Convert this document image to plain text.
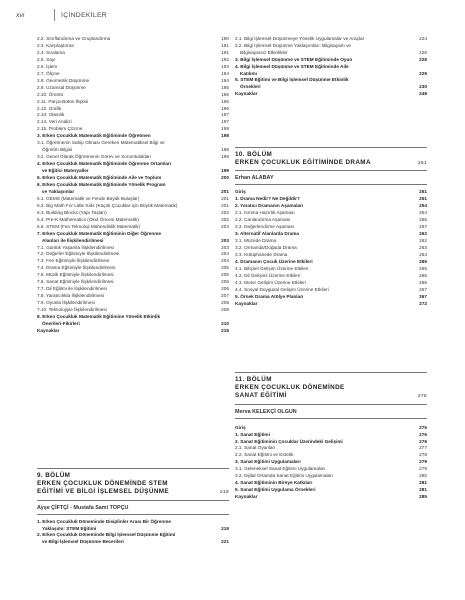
xvi	İÇİNDEKİLER
2.2. Sınıflandırma ve Gruplandırma	190
2.3. Karşılaştırma	191
2.4. Sıralama	191
2.5. Sayı	192
2.6. İşlem	193
2.7. Ölçme	194
2.8. Geometrik Düşünme	194
2.9. Uzamsal Düşünme	195
2.10. Örüntü	196
2.11. Parça-Bütün İlişkisi	196
2.12. Grafik	196
2.13. Olasılık	197
2.14. Veri Analizi	197
2.15. Problem Çözme	198
3. Erken Çocukluk Matematik Eğitiminde Öğretmen	198
3.1. Öğretmenin Sahip Olması Gereken Matematiksel Bilgi ve
Öğretim Bilgisi	198
3.2. Genel Olarak Öğretmenin Görev ve Sorumlulukları	199
4. Erken Çocukluk Matematik Eğitiminde Öğrenme Ortamları
ve Eğitici Materyaller	199
5. Erken Çocukluk Matematik Eğitiminde Aile ve Toplum	200
6. Erken Çocukluk Matematik Eğitiminde Yönelik Program
ve Yaklaşımlar	201
6.1. GEMS (Matematik ve Fende Büyük Buluşlar)	201
6.2. Big Math For Little Kids (Küçük Çocuklar için Büyük Matematik)	201
6.3. Building Blocks (Yapı Taşları)	202
6.4. Pre-K Mathematics (Okul Öncesi Matematik)	202
6.5. STEM (Fen Teknoloji Mühendislik Matematik)	203
7. Erken Çocukluk Matematik Eğitiminin Diğer Öğrenme
Alanları ile İlişkilendirilmesi	203
7.1. Günlük Yaşamla İlişkilendirilmesi	203
7.2. Değerler Eğitimiyle İlişkilendirilmesi	204
7.3. Fen Eğitimiyle İlişkilendirilmesi	204
7.4. Drama Eğitimiyle İlişkilendirilmesi	205
7.5. Müzik Eğitimiyle İlişkilendirilmesi	205
7.6. Sanat Eğitimiyle İlişkilendirilmesi	206
7.7. Dil Eğitimi ile İlişkilendirilmesi	206
7.8. Yaratıcılıkla İlişkilendirilmesi	207
7.9. Oyunla İlişkilendirilmesi	208
7.10. Teknolojiyle İlişkilendirilmesi	208
8. Erken Çocukluk Matematik Eğitimine Yönelik Etkinlik
Önerileri-Fikirleri	210
Kaynaklar	216
9. BÖLÜM
ERKEN ÇOCUKLUK DÖNEMİNDE STEM
EĞİTİMİ VE BİLGİ İŞLEMSEL DÜŞÜNME	219
Ayşe ÇİFTÇİ - Mustafa Sami TOPÇU
1. Erken Çocukluk Döneminde Disiplinler Arası Bir Öğrenme
Yaklaşımı: STEM Eğitimi	219
2. Erken Çocukluk Döneminde Bilgi İşlemsel Düşünme Eğitimi
ve Bilgi İşlemsel Düşünme Becerileri	221
2.1. Bilgi İşlemsel Düşünmeye Yönelik Uygulamalar ve Araçlar	224
2.2. Bilgi İşlemsel Düşünme Yaklaşımları: Bilgisayarlı ve
Bilgisayarsız Etkinlikler	226
3. Bilgi İşlemsel Düşünme ve STEM Eğitiminde Oyun	228
4. Bilgi İşlemsel Düşünme ve STEM Eğitiminde Aile
Katılımı	229
5. STEM Eğitimi ve Bilgi İşlemsel Düşünme Etkinlik
Örnekleri	230
Kaynaklar	248
10. BÖLÜM
ERKEN ÇOCUKLUK EĞİTİMİNDE DRAMA	251
Erhan ALABAY
Giriş	251
1. Drama Nedir? Ne Değildir?	251
2. Yaratıcı Dramanın Aşamaları	254
2.1. Isınma Hazırlık Aşaması	254
2.2. Canlandırma Aşaması	255
2.3. Değerlendirme Aşaması	257
3. Alternatif Alanlarda Drama	262
3.1. Müzede Drama	262
3.2. Ormanda/Doğada Drama	263
3.3. Kütüphanede Drama	264
4. Dramanın Çocuk Üzerine Etkileri	265
4.1. Bilişsel Gelişim Üzerine Etkileri	265
4.2. Dil Gelişimi Üzerine Etkileri	266
4.3. Motor Gelişim Üzerine Etkileri	266
4.4. Sosyal Duygusal Gelişim Üzerine Etkileri	267
5. Örnek Drama Atölye Planları	267
Kaynaklar	272
11. BÖLÜM
ERKEN ÇOCUKLUK DÖNEMİNDE
SANAT EĞİTİMİ	275
Merva KELEKÇİ OLGUN
Giriş	275
1. Sanat Eğitimi	276
2. Sanat Eğitiminin Çocuklar Üzerindeki Gelişimi	276
2.1. Sanat Oyunları	277
2.2. Sanat Eğitimi ve Estetik	278
3. Sanat Eğitimi Uygulamaları	279
3.1. Geleneksel Sanat Eğitimi Uygulamaları	279
3.2. Dijital Ortamda Sanat Eğitimi Uygulamaları	280
4. Sanat Eğitiminin Bireye Katkıları	281
5. Sanat Eğitimi Uygulama Örnekleri	281
Kaynaklar	285
